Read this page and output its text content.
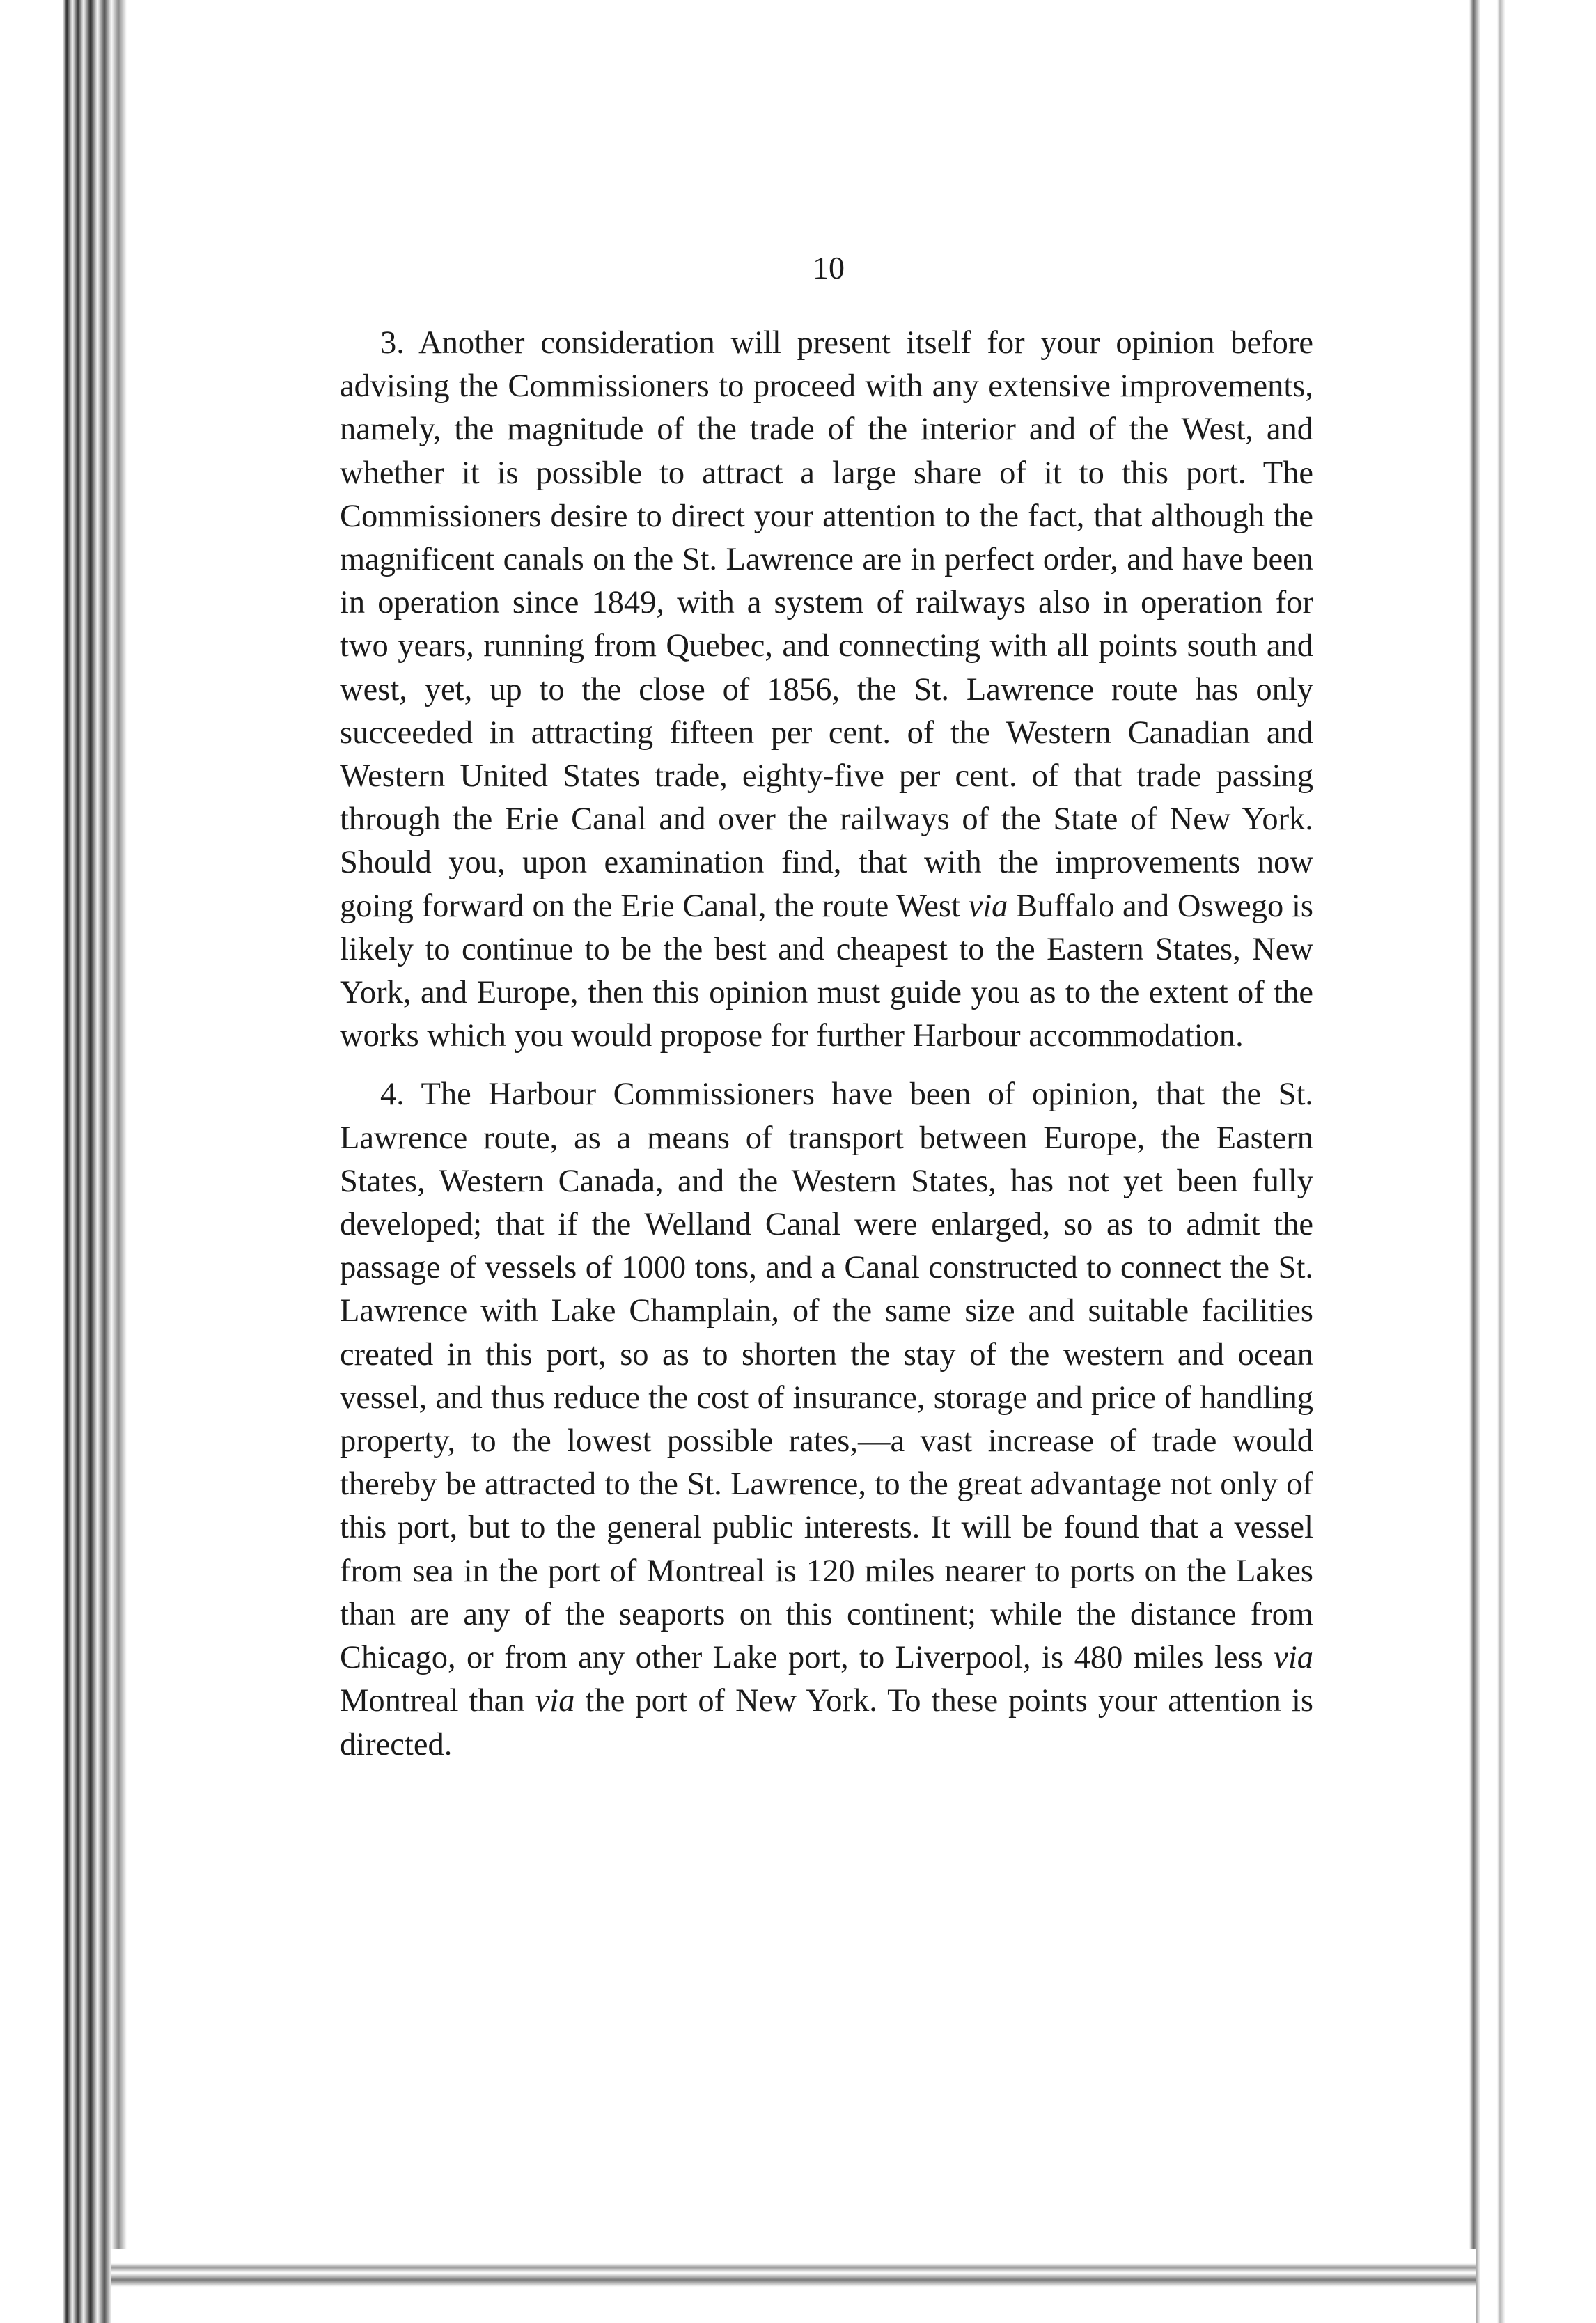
10

3. Another consideration will present itself for your opinion before advising the Commissioners to proceed with any extensive improvements, namely, the magnitude of the trade of the interior and of the West, and whether it is possible to attract a large share of it to this port. The Commissioners desire to direct your attention to the fact, that although the magnificent canals on the St. Lawrence are in perfect order, and have been in operation since 1849, with a system of railways also in operation for two years, running from Quebec, and connecting with all points south and west, yet, up to the close of 1856, the St. Lawrence route has only succeeded in attracting fifteen per cent. of the Western Canadian and Western United States trade, eighty-five per cent. of that trade passing through the Erie Canal and over the railways of the State of New York. Should you, upon examination find, that with the improvements now going forward on the Erie Canal, the route West via Buffalo and Oswego is likely to continue to be the best and cheapest to the Eastern States, New York, and Europe, then this opinion must guide you as to the extent of the works which you would propose for further Harbour accommodation.

4. The Harbour Commissioners have been of opinion, that the St. Lawrence route, as a means of transport between Europe, the Eastern States, Western Canada, and the Western States, has not yet been fully developed; that if the Welland Canal were enlarged, so as to admit the passage of vessels of 1000 tons, and a Canal constructed to connect the St. Lawrence with Lake Champlain, of the same size and suitable facilities created in this port, so as to shorten the stay of the western and ocean vessel, and thus reduce the cost of insurance, storage and price of handling property, to the lowest possible rates,—a vast increase of trade would thereby be attracted to the St. Lawrence, to the great advantage not only of this port, but to the general public interests. It will be found that a vessel from sea in the port of Montreal is 120 miles nearer to ports on the Lakes than are any of the seaports on this continent; while the distance from Chicago, or from any other Lake port, to Liverpool, is 480 miles less via Montreal than via the port of New York. To these points your attention is directed.
